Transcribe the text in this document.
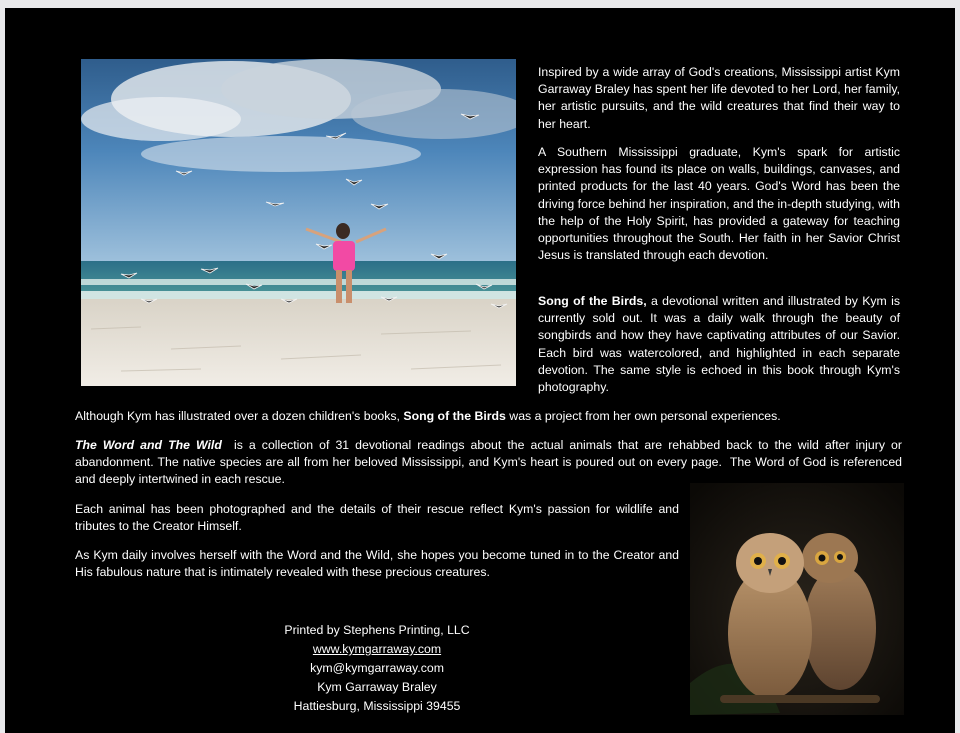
Inspired by a wide array of God's creations, Mississippi artist Kym Garraway Braley has spent her life devoted to her Lord, her family, her artistic pursuits, and the wild creatures that find their way to her heart.

A Southern Mississippi graduate, Kym's spark for artistic expression has found its place on walls, buildings, canvases, and printed products for the last 40 years. God's Word has been the driving force behind her inspiration, and the in-depth studying, with the help of the Holy Spirit, has provided a gateway for teaching opportunities throughout the South. Her faith in her Savior Christ Jesus is translated through each devotion.

Song of the Birds, a devotional written and illustrated by Kym is currently sold out. It was a daily walk through the beauty of songbirds and how they have captivating attributes of our Savior. Each bird was watercolored, and highlighted in each separate devotion. The same style is echoed in this book through Kym's photography.

Although Kym has illustrated over a dozen children's books, Song of the Birds was a project from her own personal experiences.

The Word and The Wild  is a collection of 31 devotional readings about the actual animals that are rehabbed back to the wild after injury or abandonment. The native species are all from her beloved Mississippi, and Kym's heart is poured out on every page.  The Word of God is referenced and deeply intertwined in each rescue.

Each animal has been photographed and the details of their rescue reflect Kym's passion for wildlife and tributes to the Creator Himself.

As Kym daily involves herself with the Word and the Wild, she hopes you become tuned in to the Creator and His fabulous nature that is intimately revealed with these precious creatures.

Printed by Stephens Printing, LLC
www.kymgarraway.com
kym@kymgarraway.com
Kym Garraway Braley
Hattiesburg, Mississippi 39455
